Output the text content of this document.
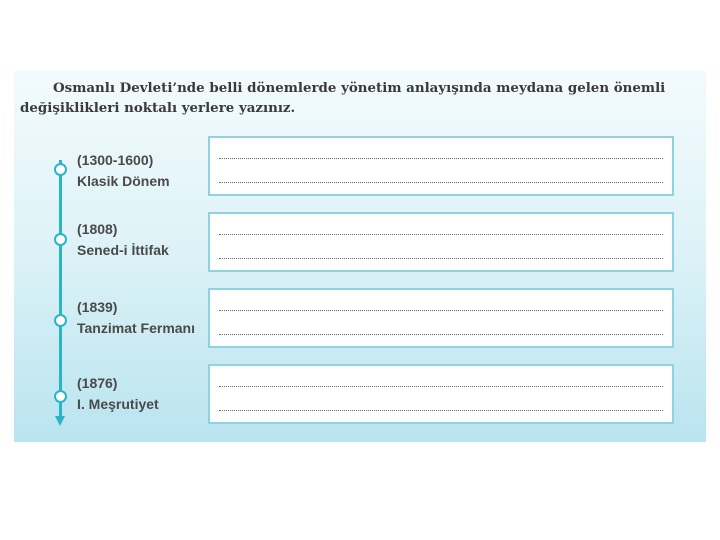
Osmanlı Devleti’nde belli dönemlerde yönetim anlayışında meydana gelen önemli değişiklikleri noktalı yerlere yazınız.

(1300-1600)
Klasik Dönem
(1808)
Sened-i İttifak
(1839)
Tanzimat Fermanı
(1876)
I. Meşrutiyet
